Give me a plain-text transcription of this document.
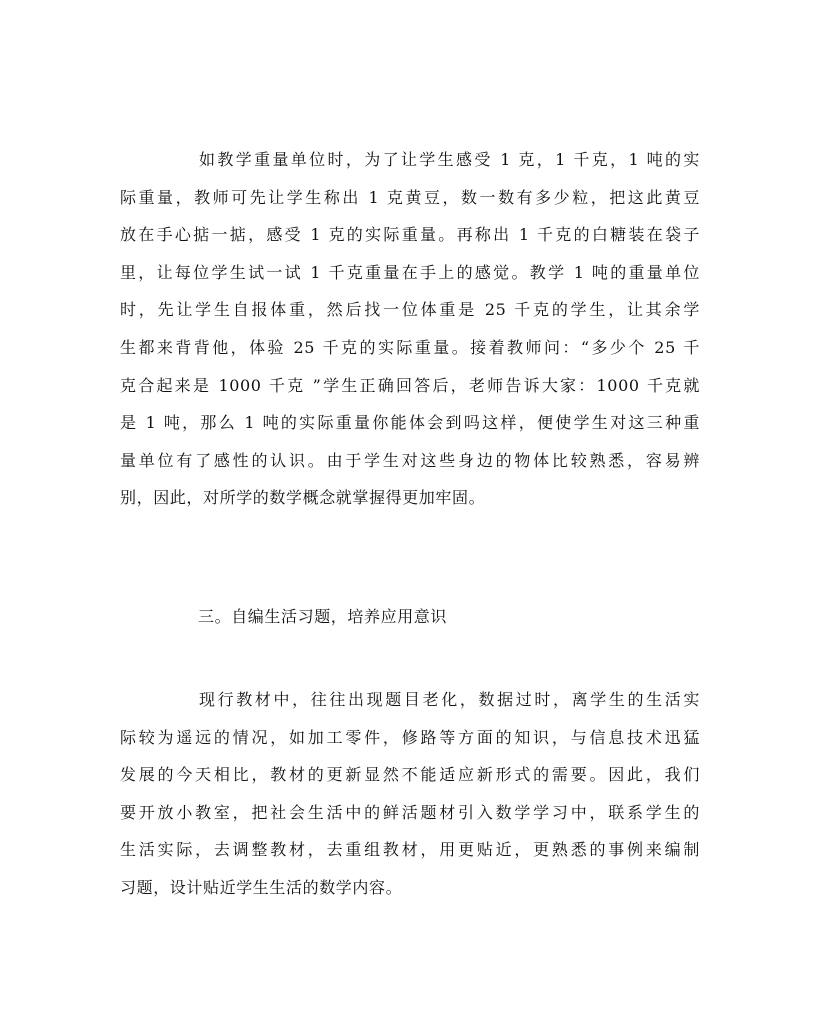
如教学重量单位时，为了让学生感受 1 克，1 千克，1 吨的实
际重量，教师可先让学生称出 1 克黄豆，数一数有多少粒，把这此黄豆
放在手心掂一掂，感受 1 克的实际重量。再称出 1 千克的白糖装在袋子
里，让每位学生试一试 1 千克重量在手上的感觉。教学 1 吨的重量单位
时，先让学生自报体重，然后找一位体重是 25 千克的学生，让其余学
生都来背背他，体验 25 千克的实际重量。接着教师问：“多少个 25 千
克合起来是 1000 千克 ”学生正确回答后，老师告诉大家：1000 千克就
是 1 吨，那么 1 吨的实际重量你能体会到吗这样，便使学生对这三种重
量单位有了感性的认识。由于学生对这些身边的物体比较熟悉，容易辨
别，因此，对所学的数学概念就掌握得更加牢固。
三。自编生活习题，培养应用意识
现行教材中，往往出现题目老化，数据过时，离学生的生活实
际较为遥远的情况，如加工零件，修路等方面的知识，与信息技术迅猛
发展的今天相比，教材的更新显然不能适应新形式的需要。因此，我们
要开放小教室，把社会生活中的鲜活题材引入数学学习中，联系学生的
生活实际，去调整教材，去重组教材，用更贴近，更熟悉的事例来编制
习题，设计贴近学生生活的数学内容。
